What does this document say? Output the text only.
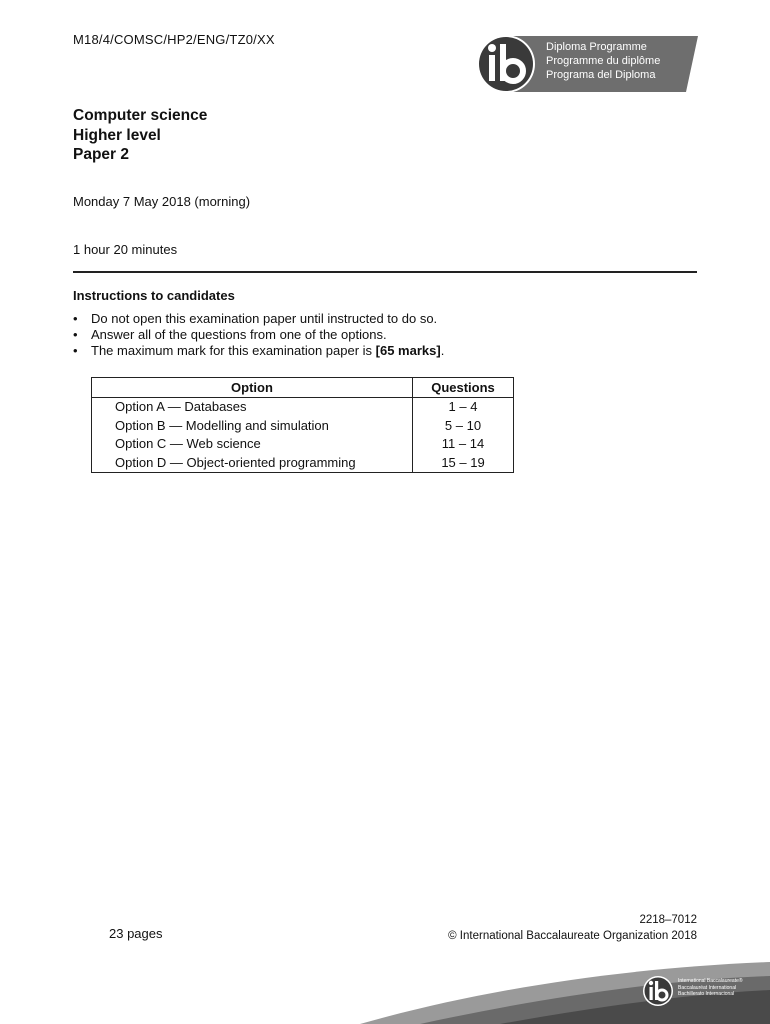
M18/4/COMSC/HP2/ENG/TZ0/XX	Diploma Programme
Programme du diplôme
Programa del Diploma
Computer science
Higher level
Paper 2
Monday 7 May 2018 (morning)
1 hour 20 minutes
Instructions to candidates
• Do not open this examination paper until instructed to do so.
• Answer all of the questions from one of the options.
• The maximum mark for this examination paper is [65 marks].
Option	Questions
Option A — Databases	1 – 4
Option B — Modelling and simulation	5 – 10
Option C — Web science	11 – 14
Option D — Object-oriented programming	15 – 19
23 pages
2218–7012
© International Baccalaureate Organization 2018
International Baccalaureate®
Baccalauréat International
Bachillerato Internacional
